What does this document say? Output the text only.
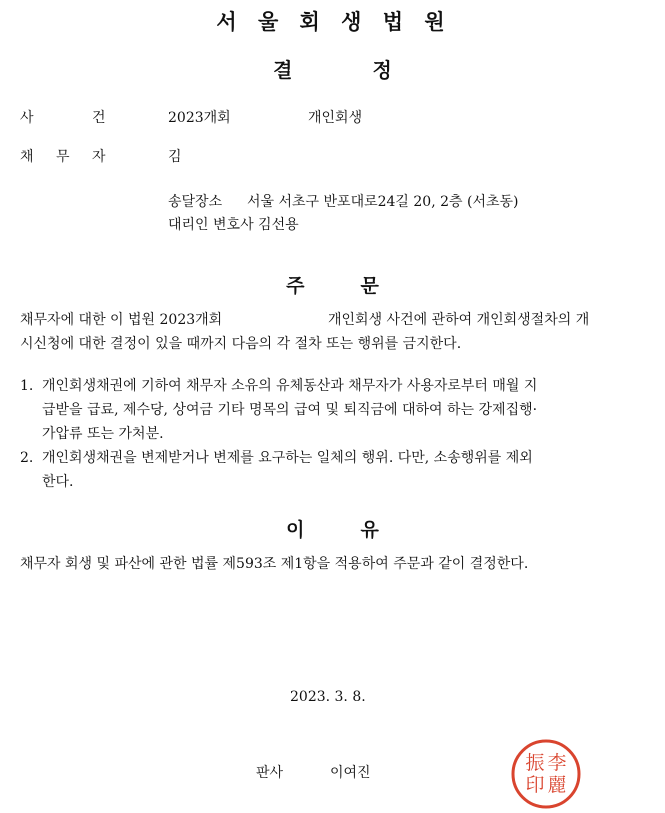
서 울 회 생 법 원
결	정
사	건	2023개회	개인회생
채 무 자	김
송달장소 서울 서초구 반포대로24길 20, 2층 (서초동)
대리인 변호사 김선용
주	문
채무자에 대한 이 법원 2023개회	개인회생 사건에 관하여 개인회생절차의 개
시신청에 대한 결정이 있을 때까지 다음의 각 절차 또는 행위를 금지한다.
1. 개인회생채권에 기하여 채무자 소유의 유체동산과 채무자가 사용자로부터 매월 지
급받을 급료, 제수당, 상여금 기타 명목의 급여 및 퇴직금에 대하여 하는 강제집행·
가압류 또는 가처분.
2. 개인회생채권을 변제받거나 변제를 요구하는 일체의 행위. 다만, 소송행위를 제외
한다.
이	유
채무자 회생 및 파산에 관한 법률 제593조 제1항을 적용하여 주문과 같이 결정한다.
2023. 3. 8.
판사	이여진	李
麗
振
印
